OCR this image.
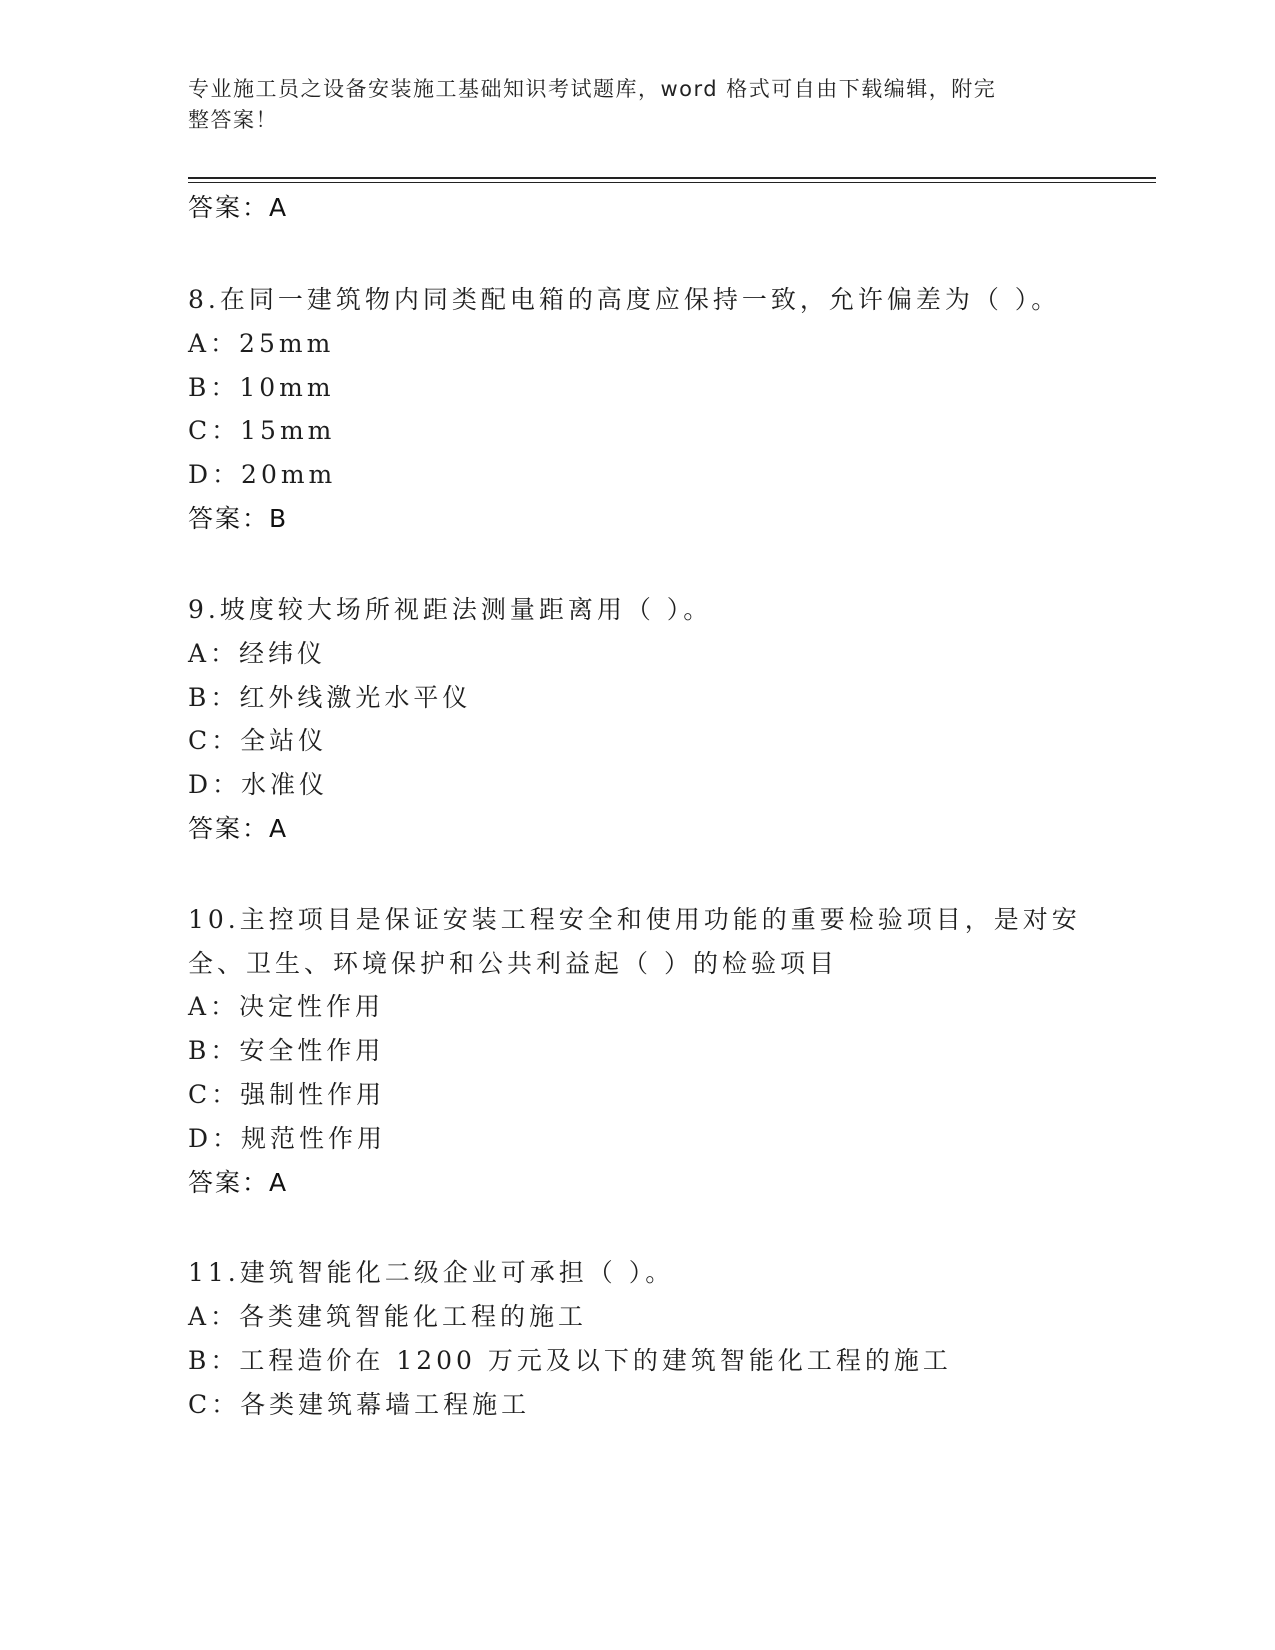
专业施工员之设备安装施工基础知识考试题库，word 格式可自由下载编辑，附完
整答案！
答案：A
8.在同一建筑物内同类配电箱的高度应保持一致，允许偏差为（ ）。
A：25mm
B：10mm
C：15mm
D：20mm
答案：B
9.坡度较大场所视距法测量距离用（ ）。
A：经纬仪
B：红外线激光水平仪
C：全站仪
D：水准仪
答案：A
10.主控项目是保证安装工程安全和使用功能的重要检验项目，是对安
全、卫生、环境保护和公共利益起（ ）的检验项目
A：决定性作用
B：安全性作用
C：强制性作用
D：规范性作用
答案：A
11.建筑智能化二级企业可承担（ ）。
A：各类建筑智能化工程的施工
B：工程造价在 1200 万元及以下的建筑智能化工程的施工
C：各类建筑幕墙工程施工
